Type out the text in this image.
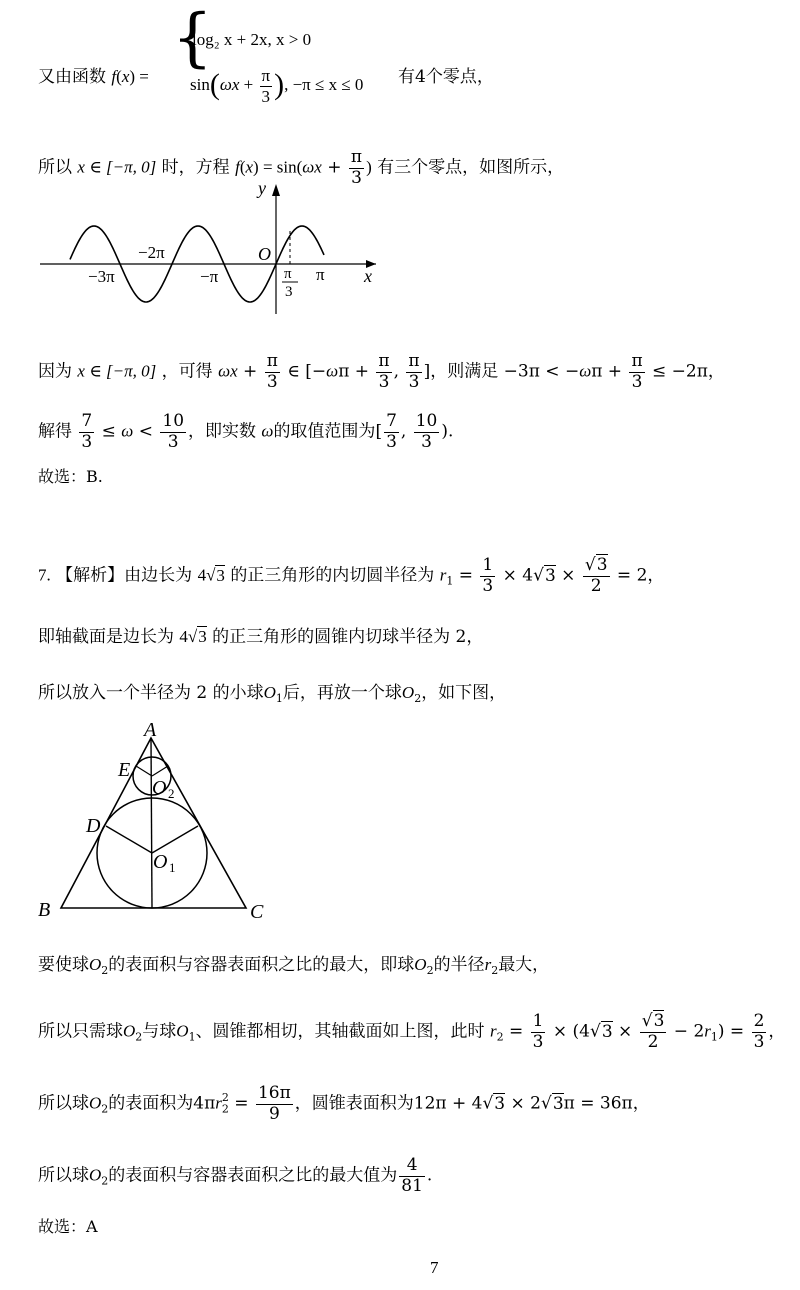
又由函数 f(x) =
{
log₂ x + 2x, x > 0
$\sin(\omega x + \frac{\pi}{3}$ ), −π ≤ x ≤ 0 有4个零点，
所以 x ∈ [−π, 0] 时，方程 $f(x) = \sin(\omega x + \frac{\pi}{3}$ ) 有三个零点，如图所示，
y
x
O
−3π
−2π
−π	π
3
π
因为 x ∈ [−π, 0] ，可得 $\omega x + \frac{\pi}{3}$ ∈ [$-\omega\pi + \frac{\pi}{3}$ , $\frac{\pi}{3}$ ]，则满足 $-3\pi < -\omega\pi + \frac{\pi}{3} \le -2\pi$，
解得 $\frac{7}{3} \le \omega < \frac{10}{3}$ ，即实数 ω的取值范围为[ $\frac{7}{3}$ , $\frac{10}{3}$ ).
故选：B.
7. 【解析】由边长为 4√3 的正三角形的内切圆半径为 $r_1 = \frac{1}{3} \times 4√3 \times \frac{√3}{2} = 2$，
即轴截面是边长为 4√3 的正三角形的圆锥内切球半径为 2，
所以放入一个半径为 2 的小球$O_1$后，再放一个球$O_2$，如下图，
A
B	C
D
E
O 1
O 2
要使球$O_2$的表面积与容器表面积之比的最大，即球$O_2$的半径$r_2$最大，
所以只需球$O_2$与球$O_1$、圆锥都相切，其轴截面如上图，此时 $r_2 = \frac{1}{3} \times (4√3 \times \frac{√3}{2} - 2r_1) = \frac{2}{3}$ ，
所以球$O_2$的表面积为$4\pi r_2^2 = \frac{16\pi}{9}$ ，圆锥表面积为12π + 4√3 × 2√3π = 36π，
所以球$O_2$的表面积与容器表面积之比的最大值为 $\frac{4}{81}$ .
故选：A
7
